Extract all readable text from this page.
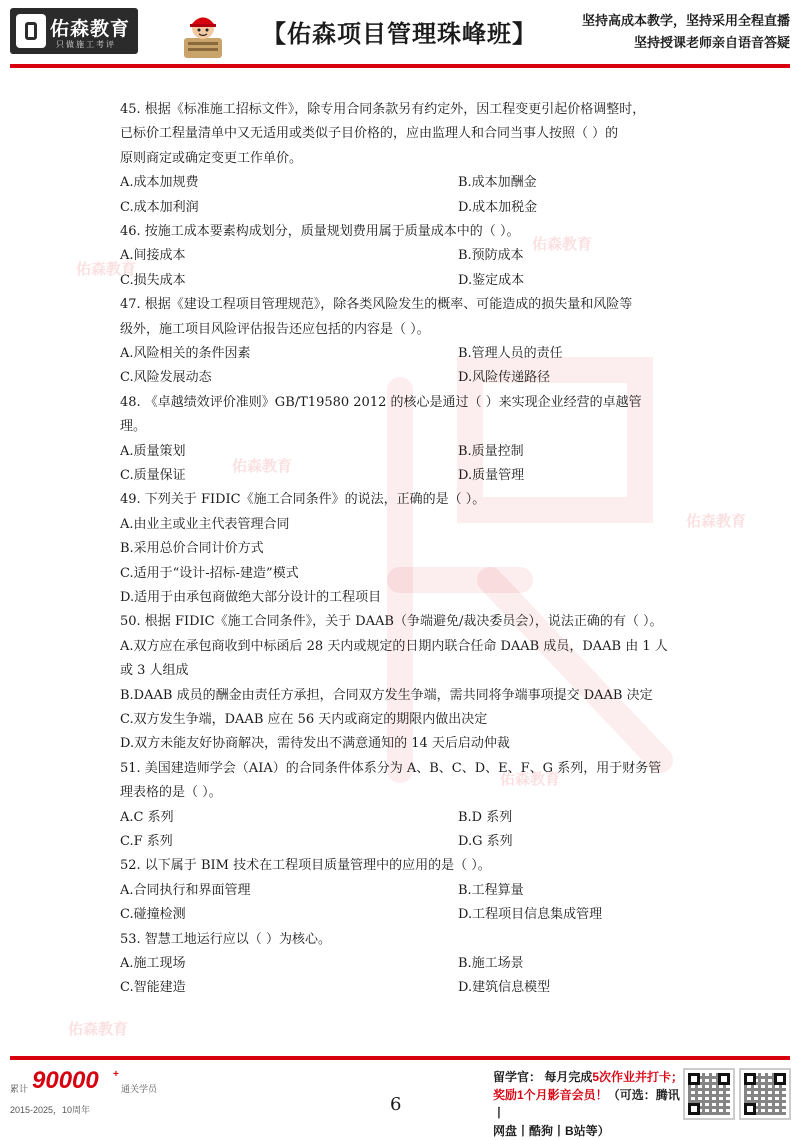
佑森教育
只做施工考评	【佑森项目管理珠峰班】
坚持高成本教学，坚持采用全程直播
坚持授课老师亲自语音答疑
佑森教育
佑森教育
佑森教育
佑森教育
佑森教育
佑森教育
45. 根据《标准施工招标文件》，除专用合同条款另有约定外，因工程变更引起价格调整时，
已标价工程量清单中又无适用或类似子目价格的，应由监理人和合同当事人按照（ ）的
原则商定或确定变更工作单价。
A.成本加规费	B.成本加酬金
C.成本加利润	D.成本加税金
46. 按施工成本要素构成划分，质量规划费用属于质量成本中的（ ）。
A.间接成本	B.预防成本
C.损失成本	D.鉴定成本
47. 根据《建设工程项目管理规范》，除各类风险发生的概率、可能造成的损失量和风险等
级外，施工项目风险评估报告还应包括的内容是（ ）。
A.风险相关的条件因素	B.管理人员的责任
C.风险发展动态	D.风险传递路径
48. 《卓越绩效评价准则》GB/T19580 2012 的核心是通过（ ）来实现企业经营的卓越管
理。
A.质量策划	B.质量控制
C.质量保证	D.质量管理
49. 下列关于 FIDIC《施工合同条件》的说法，正确的是（ ）。
A.由业主或业主代表管理合同
B.采用总价合同计价方式
C.适用于“设计-招标-建造”模式
D.适用于由承包商做绝大部分设计的工程项目
50. 根据 FIDIC《施工合同条件》，关于 DAAB（争端避免/裁决委员会），说法正确的有（ ）。
A.双方应在承包商收到中标函后 28 天内或规定的日期内联合任命 DAAB 成员，DAAB 由 1 人
或 3 人组成
B.DAAB 成员的酬金由责任方承担，合同双方发生争端，需共同将争端事项提交 DAAB 决定
C.双方发生争端，DAAB 应在 56 天内或商定的期限内做出决定
D.双方未能友好协商解决，需待发出不满意通知的 14 天后启动仲裁
51. 美国建造师学会（AIA）的合同条件体系分为 A、B、C、D、E、F、G 系列，用于财务管
理表格的是（ ）。
A.C 系列	B.D 系列
C.F 系列	D.G 系列
52. 以下属于 BIM 技术在工程项目质量管理中的应用的是（ ）。
A.合同执行和界面管理	B.工程算量
C.碰撞检测	D.工程项目信息集成管理
53. 智慧工地运行应以（ ）为核心。
A.施工现场	B.施工场景
C.智能建造	D.建筑信息模型
累计 90000 +
通关学员
2015-2025，10周年	6
留学官： 每月完成5次作业并打卡；
奖励1个月影音会员！（可选：腾讯丨
网盘丨酷狗丨B站等）
